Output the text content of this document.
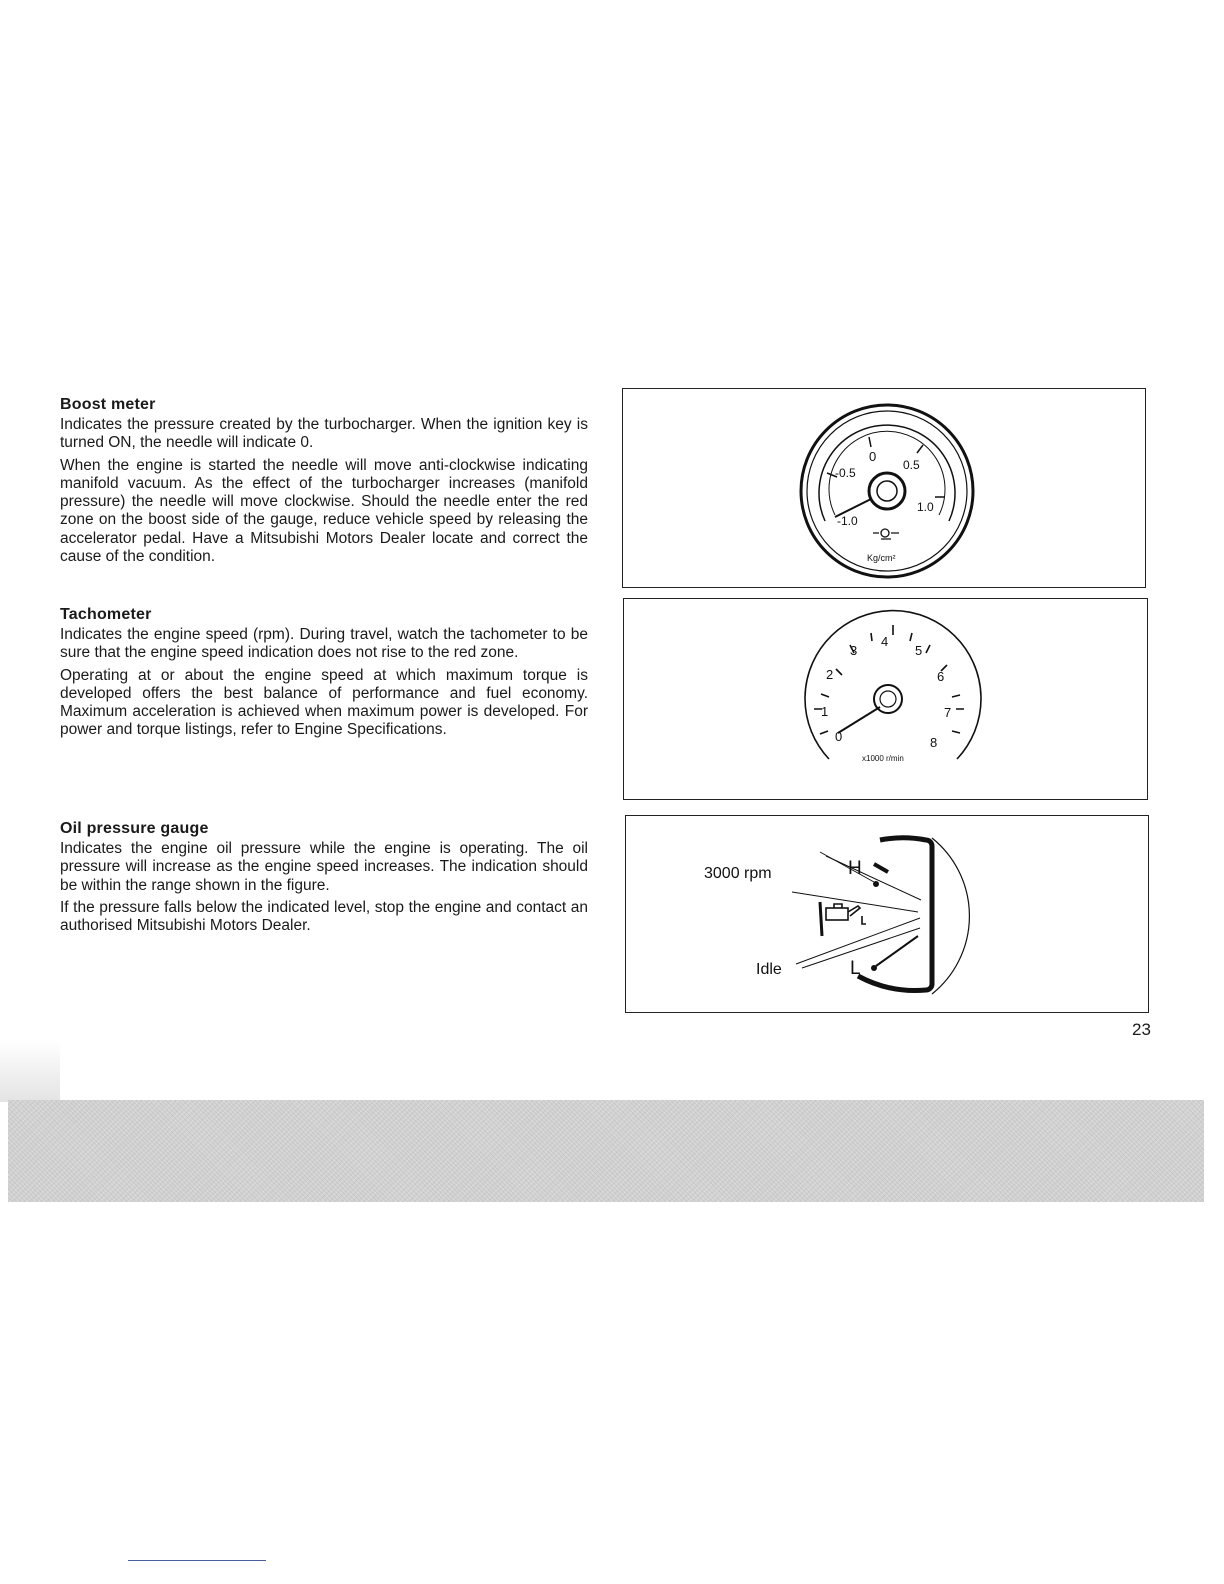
Boost meter
Indicates the pressure created by the turbocharger. When the ignition key is turned ON, the needle will indicate 0.
When the engine is started the needle will move anti-clockwise indicating manifold vacuum. As the effect of the turbocharger increases (manifold pressure) the needle will move clockwise. Should the needle enter the red zone on the boost side of the gauge, reduce vehicle speed by releasing the accelerator pedal. Have a Mitsubishi Motors Dealer locate and correct the cause of the condition.
Tachometer
Indicates the engine speed (rpm). During travel, watch the tachometer to be sure that the engine speed indication does not rise to the red zone.
Operating at or about the engine speed at which maximum torque is developed offers the best balance of performance and fuel economy. Maximum acceleration is achieved when maximum power is developed. For power and torque listings, refer to Engine Specifications.
Oil pressure gauge
Indicates the engine oil pressure while the engine is operating. The oil pressure will increase as the engine speed increases. The indication should be within the range shown in the figure.
If the pressure falls below the indicated level, stop the engine and contact an authorised Mitsubishi Motors Dealer.
0
0.5
-0.5
1.0
-1.0
Kg/cm²
0
1
2
3
4
5
6
7
8
x1000 r/min
H
L
3000 rpm
Idle
23
